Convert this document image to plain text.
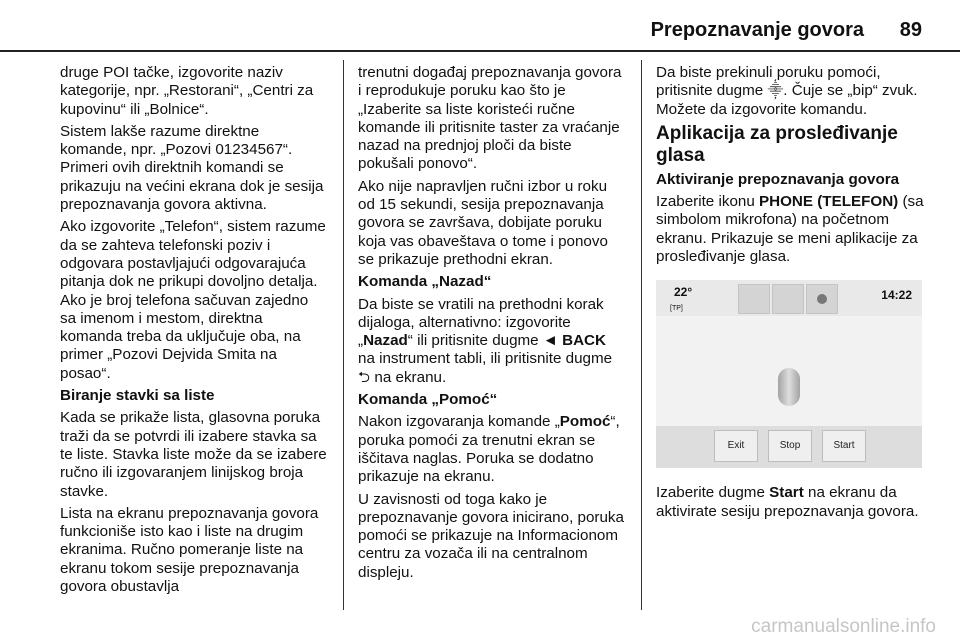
Prepoznavanje govora 89

druge POI tačke, izgovorite naziv kategorije, npr. „Restorani“, „Centri za kupovinu“ ili „Bolnice“.

Sistem lakše razume direktne komande, npr. „Pozovi 01234567“. Primeri ovih direktnih komandi se prikazuju na većini ekrana dok je sesija prepoznavanja govora aktivna.

Ako izgovorite „Telefon“, sistem razume da se zahteva telefonski poziv i odgovara postavljajući odgovarajuća pitanja dok ne prikupi dovoljno detalja. Ako je broj telefona sačuvan zajedno sa imenom i mestom, direktna komanda treba da uključuje oba, na primer „Pozovi Dejvida Smita na posao“.

Biranje stavki sa liste

Kada se prikaže lista, glasovna poruka traži da se potvrdi ili izabere stavka sa te liste. Stavka liste može da se izabere ručno ili izgovaranjem linijskog broja stavke.

Lista na ekranu prepoznavanja govora funkcioniše isto kao i liste na drugim ekranima. Ručno pomeranje liste na ekranu tokom sesije prepoznavanja govora obustavlja

trenutni događaj prepoznavanja govora i reprodukuje poruku kao što je „Izaberite sa liste koristeći ručne komande ili pritisnite taster za vraćanje nazad na prednjoj ploči da biste pokušali ponovo“.

Ako nije napravljen ručni izbor u roku od 15 sekundi, sesija prepoznavanja govora se završava, dobijate poruku koja vas obaveštava o tome i ponovo se prikazuje prethodni ekran.

Komanda „Nazad“

Da biste se vratili na prethodni korak dijaloga, alternativno: izgovorite „Nazad“ ili pritisnite dugme ◄ BACK na instrument tabli, ili pritisnite dugme ⮌ na ekranu.

Komanda „Pomoć“

Nakon izgovaranja komande „Pomoć“, poruka pomoći za trenutni ekran se iščitava naglas. Poruka se dodatno prikazuje na ekranu.

U zavisnosti od toga kako je prepoznavanje govora inicirano, poruka pomoći se prikazuje na Informacionom centru za vozača ili na centralnom displeju.

Da biste prekinuli poruku pomoći, pritisnite dugme ⸎. Čuje se „bip“ zvuk. Možete da izgovorite komandu.

Aplikacija za prosleđivanje glasa

Aktiviranje prepoznavanja govora

Izaberite ikonu PHONE (TELEFON) (sa simbolom mikrofona) na početnom ekranu. Prikazuje se meni aplikacije za prosleđivanje glasa.

22°
[TP]
14:22
Exit	Stop	Start

Izaberite dugme Start na ekranu da aktivirate sesiju prepoznavanja govora.

carmanualsonline.info
